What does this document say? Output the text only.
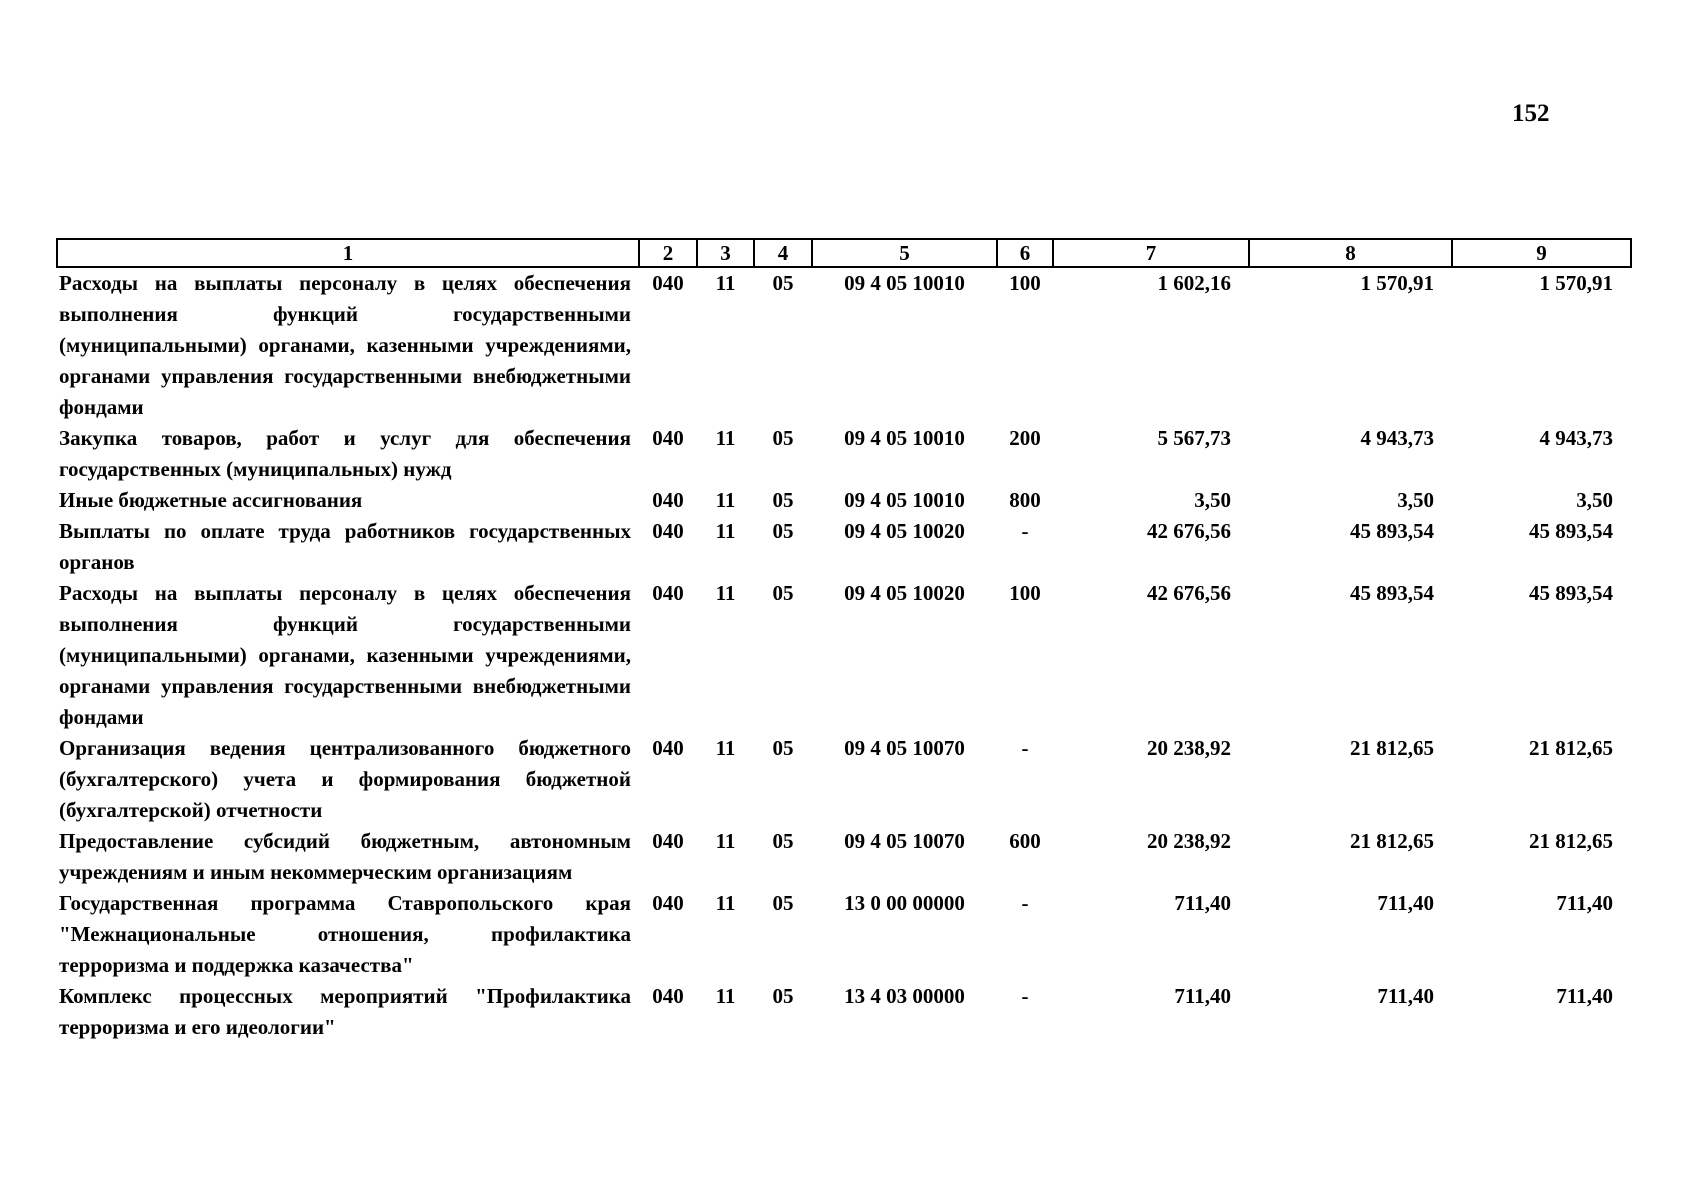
152
1	2	3	4	5	6	7	8	9
Расходы на выплаты персоналу в целях обеспечения выполнения функций государственными (муниципальными) органами, казенными учреждениями, органами управления государственными внебюджетными фондами	040	11	05	09 4 05 10010	100	1 602,16	1 570,91	1 570,91
Закупка товаров, работ и услуг для обеспечения государственных (муниципальных) нужд	040	11	05	09 4 05 10010	200	5 567,73	4 943,73	4 943,73
Иные бюджетные ассигнования	040	11	05	09 4 05 10010	800	3,50	3,50	3,50
Выплаты по оплате труда работников государственных органов	040	11	05	09 4 05 10020	-	42 676,56	45 893,54	45 893,54
Расходы на выплаты персоналу в целях обеспечения выполнения функций государственными (муниципальными) органами, казенными учреждениями, органами управления государственными внебюджетными фондами	040	11	05	09 4 05 10020	100	42 676,56	45 893,54	45 893,54
Организация ведения централизованного бюджетного (бухгалтерского) учета и формирования бюджетной (бухгалтерской) отчетности	040	11	05	09 4 05 10070	-	20 238,92	21 812,65	21 812,65
Предоставление субсидий бюджетным, автономным учреждениям и иным некоммерческим организациям	040	11	05	09 4 05 10070	600	20 238,92	21 812,65	21 812,65
Государственная программа Ставропольского края "Межнациональные отношения, профилактика терроризма и поддержка казачества"	040	11	05	13 0 00 00000	-	711,40	711,40	711,40
Комплекс процессных мероприятий "Профилактика терроризма и его идеологии"	040	11	05	13 4 03 00000	-	711,40	711,40	711,40
